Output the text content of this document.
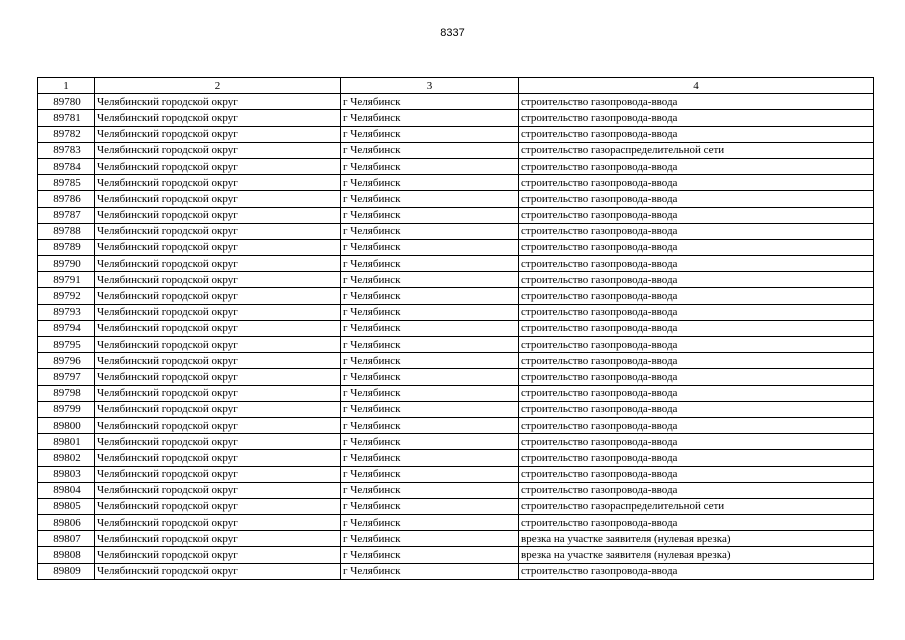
8337
1	2	3	4
89780	Челябинский городской округ	г Челябинск	строительство газопровода-ввода
89781	Челябинский городской округ	г Челябинск	строительство газопровода-ввода
89782	Челябинский городской округ	г Челябинск	строительство газопровода-ввода
89783	Челябинский городской округ	г Челябинск	строительство газораспределительной сети
89784	Челябинский городской округ	г Челябинск	строительство газопровода-ввода
89785	Челябинский городской округ	г Челябинск	строительство газопровода-ввода
89786	Челябинский городской округ	г Челябинск	строительство газопровода-ввода
89787	Челябинский городской округ	г Челябинск	строительство газопровода-ввода
89788	Челябинский городской округ	г Челябинск	строительство газопровода-ввода
89789	Челябинский городской округ	г Челябинск	строительство газопровода-ввода
89790	Челябинский городской округ	г Челябинск	строительство газопровода-ввода
89791	Челябинский городской округ	г Челябинск	строительство газопровода-ввода
89792	Челябинский городской округ	г Челябинск	строительство газопровода-ввода
89793	Челябинский городской округ	г Челябинск	строительство газопровода-ввода
89794	Челябинский городской округ	г Челябинск	строительство газопровода-ввода
89795	Челябинский городской округ	г Челябинск	строительство газопровода-ввода
89796	Челябинский городской округ	г Челябинск	строительство газопровода-ввода
89797	Челябинский городской округ	г Челябинск	строительство газопровода-ввода
89798	Челябинский городской округ	г Челябинск	строительство газопровода-ввода
89799	Челябинский городской округ	г Челябинск	строительство газопровода-ввода
89800	Челябинский городской округ	г Челябинск	строительство газопровода-ввода
89801	Челябинский городской округ	г Челябинск	строительство газопровода-ввода
89802	Челябинский городской округ	г Челябинск	строительство газопровода-ввода
89803	Челябинский городской округ	г Челябинск	строительство газопровода-ввода
89804	Челябинский городской округ	г Челябинск	строительство газопровода-ввода
89805	Челябинский городской округ	г Челябинск	строительство газораспределительной сети
89806	Челябинский городской округ	г Челябинск	строительство газопровода-ввода
89807	Челябинский городской округ	г Челябинск	врезка на участке заявителя (нулевая врезка)
89808	Челябинский городской округ	г Челябинск	врезка на участке заявителя (нулевая врезка)
89809	Челябинский городской округ	г Челябинск	строительство газопровода-ввода
